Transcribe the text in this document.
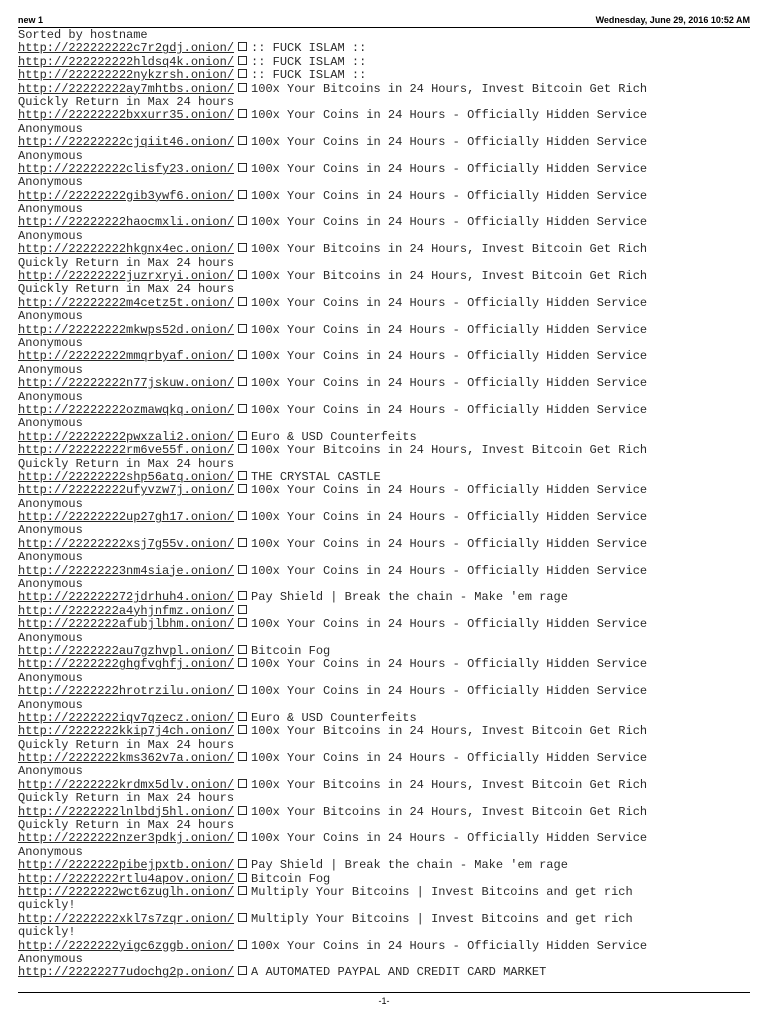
new 1	Wednesday, June 29, 2016 10:52 AM
Sorted by hostname
http://222222222c7r2gdj.onion/ :: FUCK ISLAM ::
http://222222222hldsq4k.onion/ :: FUCK ISLAM ::
http://222222222nykzrsh.onion/ :: FUCK ISLAM ::
http://22222222ay7mhtbs.onion/ 100x Your Bitcoins in 24 Hours, Invest Bitcoin Get Rich
Quickly Return in Max 24 hours
http://22222222bxxurr35.onion/ 100x Your Coins in 24 Hours - Officially Hidden Service
Anonymous
http://22222222cjqiit46.onion/ 100x Your Coins in 24 Hours - Officially Hidden Service
Anonymous
http://22222222clisfy23.onion/ 100x Your Coins in 24 Hours - Officially Hidden Service
Anonymous
http://22222222gib3ywf6.onion/ 100x Your Coins in 24 Hours - Officially Hidden Service
Anonymous
http://22222222haocmxli.onion/ 100x Your Coins in 24 Hours - Officially Hidden Service
Anonymous
http://22222222hkgnx4ec.onion/ 100x Your Bitcoins in 24 Hours, Invest Bitcoin Get Rich
Quickly Return in Max 24 hours
http://22222222juzrxryi.onion/ 100x Your Bitcoins in 24 Hours, Invest Bitcoin Get Rich
Quickly Return in Max 24 hours
http://22222222m4cetz5t.onion/ 100x Your Coins in 24 Hours - Officially Hidden Service
Anonymous
http://22222222mkwps52d.onion/ 100x Your Coins in 24 Hours - Officially Hidden Service
Anonymous
http://22222222mmqrbyaf.onion/ 100x Your Coins in 24 Hours - Officially Hidden Service
Anonymous
http://22222222n77jskuw.onion/ 100x Your Coins in 24 Hours - Officially Hidden Service
Anonymous
http://22222222ozmawqkq.onion/ 100x Your Coins in 24 Hours - Officially Hidden Service
Anonymous
http://22222222pwxzali2.onion/ Euro & USD Counterfeits
http://22222222rm6ve55f.onion/ 100x Your Bitcoins in 24 Hours, Invest Bitcoin Get Rich
Quickly Return in Max 24 hours
http://22222222shp56atq.onion/ THE CRYSTAL CASTLE
http://22222222ufyvzw7j.onion/ 100x Your Coins in 24 Hours - Officially Hidden Service
Anonymous
http://22222222up27gh17.onion/ 100x Your Coins in 24 Hours - Officially Hidden Service
Anonymous
http://22222222xsj7g55v.onion/ 100x Your Coins in 24 Hours - Officially Hidden Service
Anonymous
http://22222223nm4siaje.onion/ 100x Your Coins in 24 Hours - Officially Hidden Service
Anonymous
http://222222272jdrhuh4.onion/ Pay Shield | Break the chain - Make 'em rage
http://2222222a4yhjnfmz.onion/
http://2222222afubjlbhm.onion/ 100x Your Coins in 24 Hours - Officially Hidden Service
Anonymous
http://2222222au7gzhvpl.onion/ Bitcoin Fog
http://2222222ghgfvghfj.onion/ 100x Your Coins in 24 Hours - Officially Hidden Service
Anonymous
http://2222222hrotrzilu.onion/ 100x Your Coins in 24 Hours - Officially Hidden Service
Anonymous
http://2222222iqv7qzecz.onion/ Euro & USD Counterfeits
http://2222222kkip7j4ch.onion/ 100x Your Bitcoins in 24 Hours, Invest Bitcoin Get Rich
Quickly Return in Max 24 hours
http://2222222kms362v7a.onion/ 100x Your Coins in 24 Hours - Officially Hidden Service
Anonymous
http://2222222krdmx5dlv.onion/ 100x Your Bitcoins in 24 Hours, Invest Bitcoin Get Rich
Quickly Return in Max 24 hours
http://2222222lnlbdj5hl.onion/ 100x Your Bitcoins in 24 Hours, Invest Bitcoin Get Rich
Quickly Return in Max 24 hours
http://2222222nzer3pdkj.onion/ 100x Your Coins in 24 Hours - Officially Hidden Service
Anonymous
http://2222222pibejpxtb.onion/ Pay Shield | Break the chain - Make 'em rage
http://2222222rtlu4apov.onion/ Bitcoin Fog
http://2222222wct6zuglh.onion/ Multiply Your Bitcoins | Invest Bitcoins and get rich
quickly!
http://2222222xkl7s7zqr.onion/ Multiply Your Bitcoins | Invest Bitcoins and get rich
quickly!
http://2222222yigc6zggb.onion/ 100x Your Coins in 24 Hours - Officially Hidden Service
Anonymous
http://22222277udochg2p.onion/ A AUTOMATED PAYPAL AND CREDIT CARD MARKET
-1-
